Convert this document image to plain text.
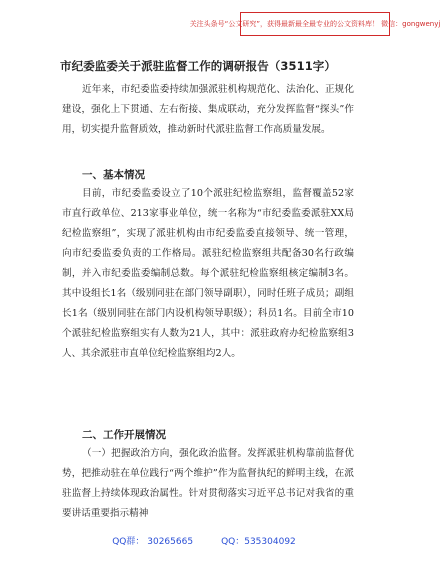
关注头条号“公文研究”，获得最新最全最专业的公文资料库！ 微信：gongwenyj
市纪委监委关于派驻监督工作的调研报告（3511字）

近年来，市纪委监委持续加强派驻机构规范化、法治化、正规化建设，强化上下贯通、左右衔接、集成联动，充分发挥监督“探头”作用，切实提升监督质效，推动新时代派驻监督工作高质量发展。

一、基本情况

目前，市纪委监委设立了10个派驻纪检监察组，监督覆盖52家市直行政单位、213家事业单位，统一名称为“市纪委监委派驻XX局纪检监察组”，实现了派驻机构由市纪委监委直接领导、统一管理，向市纪委监委负责的工作格局。派驻纪检监察组共配备30名行政编制，并入市纪委监委编制总数。每个派驻纪检监察组核定编制3名。其中设组长1名（级别同驻在部门领导副职），同时任班子成员；副组长1名（级别同驻在部门内设机构领导职级）；科员1名。目前全市10个派驻纪检监察组实有人数为21人，其中：派驻政府办纪检监察组3人、其余派驻市直单位纪检监察组均2人。

二、工作开展情况

（一）把握政治方向，强化政治监督。发挥派驻机构靠前监督优势，把推动驻在单位践行“两个维护”作为监督执纪的鲜明主线，在派驻监督上持续体现政治属性。针对贯彻落实习近平总书记对我省的重要讲话重要指示精神

QQ群： 30265665	QQ：535304092
